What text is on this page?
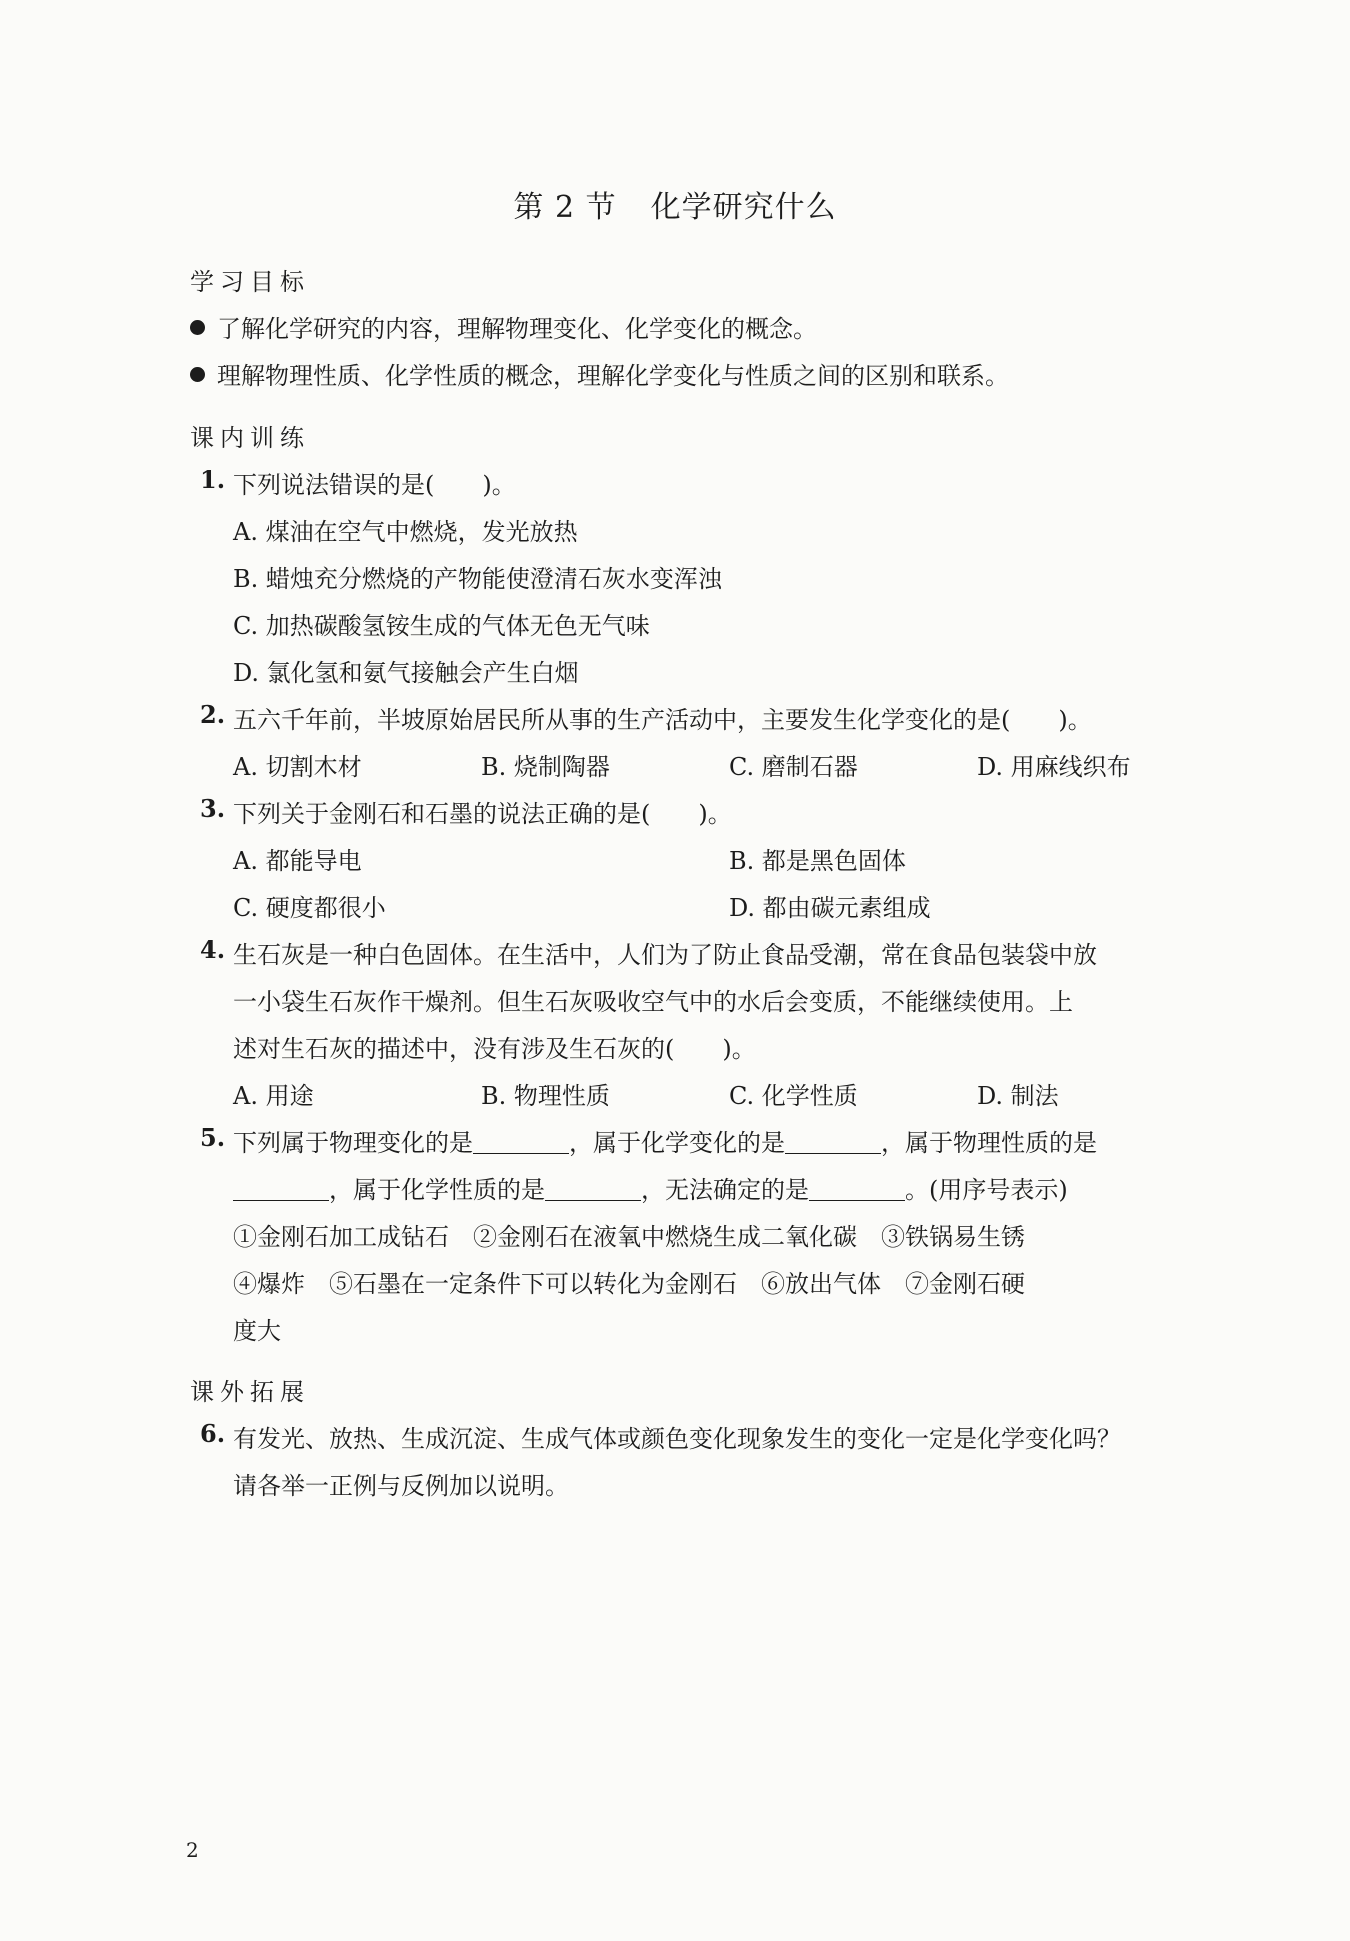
第 2 节 化学研究什么
学习目标
了解化学研究的内容，理解物理变化、化学变化的概念。
理解物理性质、化学性质的概念，理解化学变化与性质之间的区别和联系。
课内训练
1. 下列说法错误的是(　　)。
A. 煤油在空气中燃烧，发光放热
B. 蜡烛充分燃烧的产物能使澄清石灰水变浑浊
C. 加热碳酸氢铵生成的气体无色无气味
D. 氯化氢和氨气接触会产生白烟
2. 五六千年前，半坡原始居民所从事的生产活动中，主要发生化学变化的是(　　)。
A. 切割木材	B. 烧制陶器	C. 磨制石器	D. 用麻线织布
3. 下列关于金刚石和石墨的说法正确的是(　　)。
A. 都能导电	B. 都是黑色固体
C. 硬度都很小	D. 都由碳元素组成
4. 生石灰是一种白色固体。在生活中，人们为了防止食品受潮，常在食品包装袋中放
一小袋生石灰作干燥剂。但生石灰吸收空气中的水后会变质，不能继续使用。上
述对生石灰的描述中，没有涉及生石灰的(　　)。
A. 用途	B. 物理性质	C. 化学性质	D. 制法
5. 下列属于物理变化的是	，属于化学变化的是	，属于物理性质的是
，属于化学性质的是	，无法确定的是	。(用序号表示)
①金刚石加工成钻石　②金刚石在液氧中燃烧生成二氧化碳　③铁锅易生锈
④爆炸　⑤石墨在一定条件下可以转化为金刚石　⑥放出气体　⑦金刚石硬
度大
课外拓展
6. 有发光、放热、生成沉淀、生成气体或颜色变化现象发生的变化一定是化学变化吗？
请各举一正例与反例加以说明。
2
